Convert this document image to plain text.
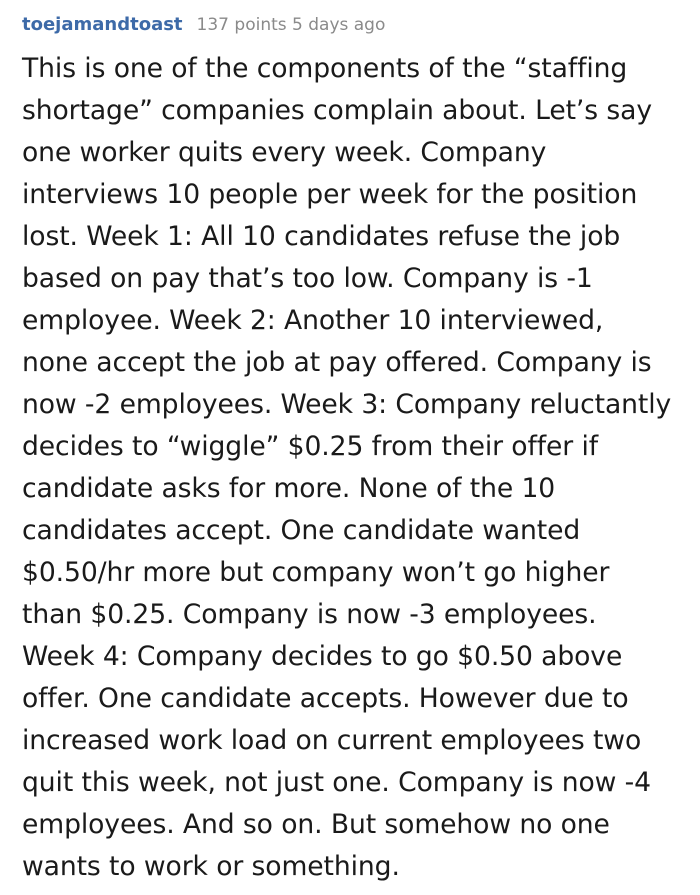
toejamandtoast 137 points 5 days ago
This is one of the components of the “staffing shortage” companies complain about. Let’s say one worker quits every week. Company interviews 10 people per week for the position lost. Week 1: All 10 candidates refuse the job based on pay that’s too low. Company is -1 employee. Week 2: Another 10 interviewed, none accept the job at pay offered. Company is now -2 employees. Week 3: Company reluctantly decides to “wiggle” $0.25 from their offer if candidate asks for more. None of the 10 candidates accept. One candidate wanted $0.50/hr more but company won’t go higher than $0.25. Company is now -3 employees. Week 4: Company decides to go $0.50 above offer. One candidate accepts. However due to increased work load on current employees two quit this week, not just one. Company is now -4 employees. And so on. But somehow no one wants to work or something.
